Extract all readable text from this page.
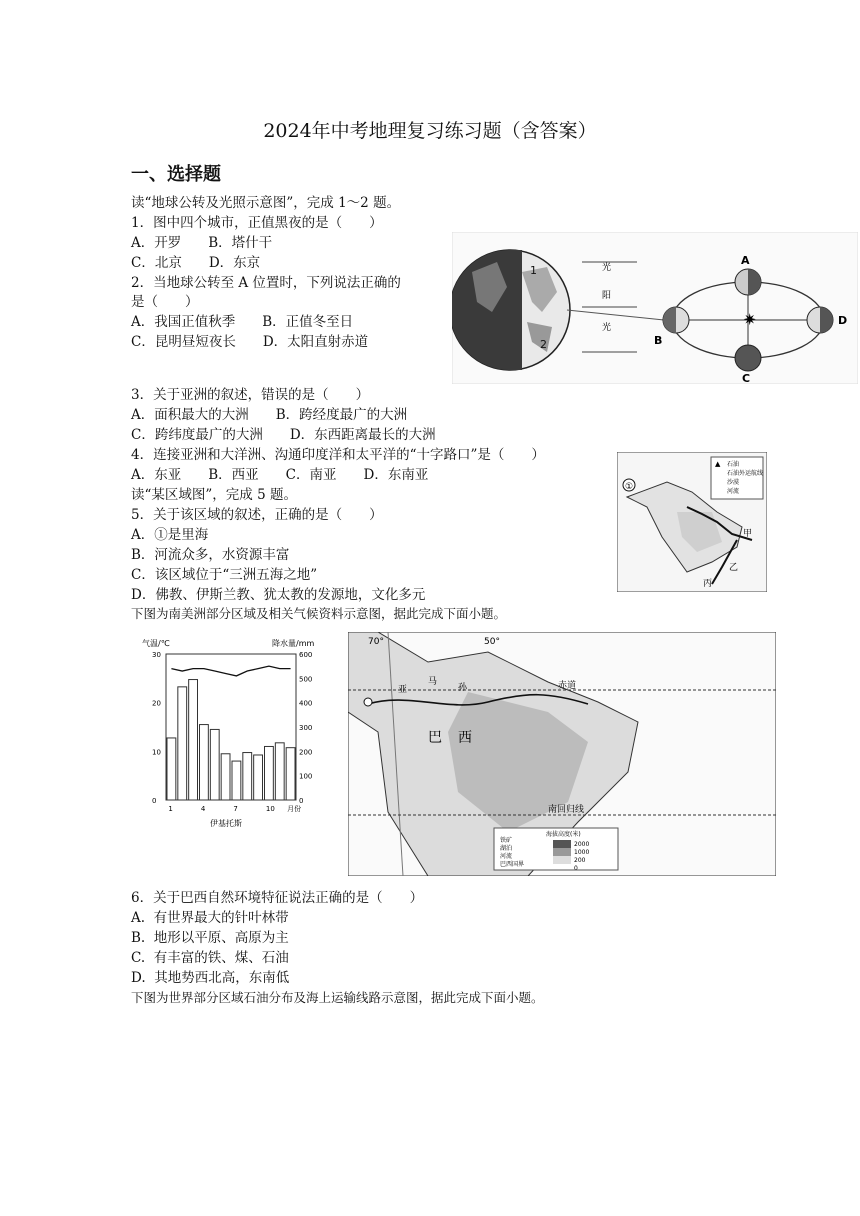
2024年中考地理复习练习题（含答案）
一、选择题
读“地球公转及光照示意图”，完成 1～2 题。
1．图中四个城市，正值黑夜的是（　　）
A．开罗　　B．塔什干
C．北京　　D．东京
2．当地球公转至 A 位置时，下列说法正确的
是（　　）
A．我国正值秋季　　B．正值冬至日
C．昆明昼短夜长　　D．太阳直射赤道
3．关于亚洲的叙述，错误的是（　　）
A．面积最大的大洲　　B．跨经度最广的大洲
C．跨纬度最广的大洲　　D．东西距离最长的大洲
4．连接亚洲和大洋洲、沟通印度洋和太平洋的“十字路口”是（　　）
A．东亚　　B．西亚　　C．南亚　　D．东南亚
读“某区域图”，完成 5 题。
5．关于该区域的叙述，正确的是（　　）
A．①是里海
B．河流众多，水资源丰富
C．该区域位于“三洲五海之地”
D．佛教、伊斯兰教、犹太教的发源地，文化多元
下图为南美洲部分区域及相关气候资料示意图，据此完成下面小题。
6．关于巴西自然环境特征说法正确的是（　　）
A.  有世界最大的针叶林带
B.  地形以平原、高原为主
C.  有丰富的铁、煤、石油
D.  其地势西北高，东南低
下图为世界部分区域石油分布及海上运输线路示意图，据此完成下面小题。
光
阳
光
1
2
✷
A
B
C
D
①
甲
乙
丙
石油
石油外运航线
沙漠
河流
▲
气温/℃	降水量/mm
伊基托斯
0
10
20
30
0
100
200
300
400
500
600
1	4	7	10 月份
70°	50°
赤道
南回归线
亚
马
孙
巴 西
海拔高度(米)
铁矿
湖泊
河流
巴西国界
2000
1000
200
0
